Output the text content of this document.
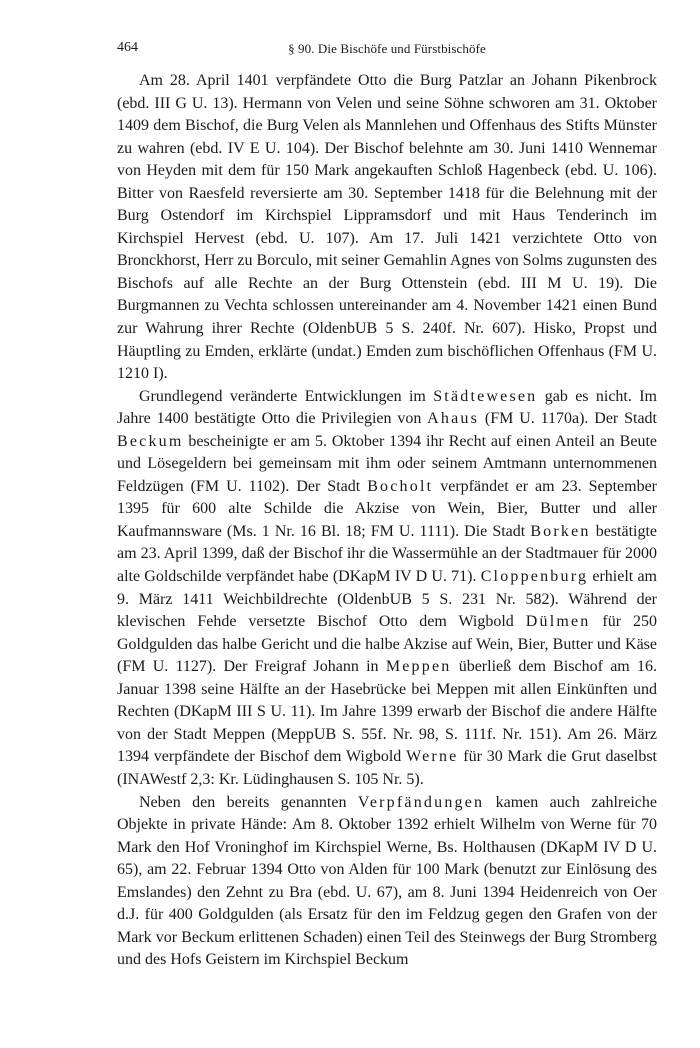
464	§ 90. Die Bischöfe und Fürstbischöfe

Am 28. April 1401 verpfändete Otto die Burg Patzlar an Johann Pikenbrock (ebd. III G U. 13). Hermann von Velen und seine Söhne schworen am 31. Oktober 1409 dem Bischof, die Burg Velen als Mannlehen und Offenhaus des Stifts Münster zu wahren (ebd. IV E U. 104). Der Bischof belehnte am 30. Juni 1410 Wennemar von Heyden mit dem für 150 Mark angekauften Schloß Hagenbeck (ebd. U. 106). Bitter von Raesfeld reversierte am 30. September 1418 für die Belehnung mit der Burg Ostendorf im Kirchspiel Lippramsdorf und mit Haus Tenderinch im Kirchspiel Hervest (ebd. U. 107). Am 17. Juli 1421 verzichtete Otto von Bronckhorst, Herr zu Borculo, mit seiner Gemahlin Agnes von Solms zugunsten des Bischofs auf alle Rechte an der Burg Ottenstein (ebd. III M U. 19). Die Burgmannen zu Vechta schlossen untereinander am 4. November 1421 einen Bund zur Wahrung ihrer Rechte (OldenbUB 5 S. 240f. Nr. 607). Hisko, Propst und Häuptling zu Emden, erklärte (undat.) Emden zum bischöflichen Offenhaus (FM U. 1210 I).

Grundlegend veränderte Entwicklungen im Städtewesen gab es nicht. Im Jahre 1400 bestätigte Otto die Privilegien von Ahaus (FM U. 1170a). Der Stadt Beckum bescheinigte er am 5. Oktober 1394 ihr Recht auf einen Anteil an Beute und Lösegeldern bei gemeinsam mit ihm oder seinem Amtmann unternommenen Feldzügen (FM U. 1102). Der Stadt Bocholt verpfändet er am 23. September 1395 für 600 alte Schilde die Akzise von Wein, Bier, Butter und aller Kaufmannsware (Ms. 1 Nr. 16 Bl. 18; FM U. 1111). Die Stadt Borken bestätigte am 23. April 1399, daß der Bischof ihr die Wassermühle an der Stadtmauer für 2000 alte Goldschilde verpfändet habe (DKapM IV D U. 71). Cloppenburg erhielt am 9. März 1411 Weichbildrechte (OldenbUB 5 S. 231 Nr. 582). Während der klevischen Fehde versetzte Bischof Otto dem Wigbold Dülmen für 250 Goldgulden das halbe Gericht und die halbe Akzise auf Wein, Bier, Butter und Käse (FM U. 1127). Der Freigraf Johann in Meppen überließ dem Bischof am 16. Januar 1398 seine Hälfte an der Hasebrücke bei Meppen mit allen Einkünften und Rechten (DKapM III S U. 11). Im Jahre 1399 erwarb der Bischof die andere Hälfte von der Stadt Meppen (MeppUB S. 55f. Nr. 98, S. 111f. Nr. 151). Am 26. März 1394 verpfändete der Bischof dem Wigbold Werne für 30 Mark die Grut daselbst (INAWestf 2,3: Kr. Lüdinghausen S. 105 Nr. 5).

Neben den bereits genannten Verpfändungen kamen auch zahlreiche Objekte in private Hände: Am 8. Oktober 1392 erhielt Wilhelm von Werne für 70 Mark den Hof Vroninghof im Kirchspiel Werne, Bs. Holthausen (DKapM IV D U. 65), am 22. Februar 1394 Otto von Alden für 100 Mark (benutzt zur Einlösung des Emslandes) den Zehnt zu Bra (ebd. U. 67), am 8. Juni 1394 Heidenreich von Oer d.J. für 400 Goldgulden (als Ersatz für den im Feldzug gegen den Grafen von der Mark vor Beckum erlittenen Schaden) einen Teil des Steinwegs der Burg Stromberg und des Hofs Geistern im Kirchspiel Beckum
